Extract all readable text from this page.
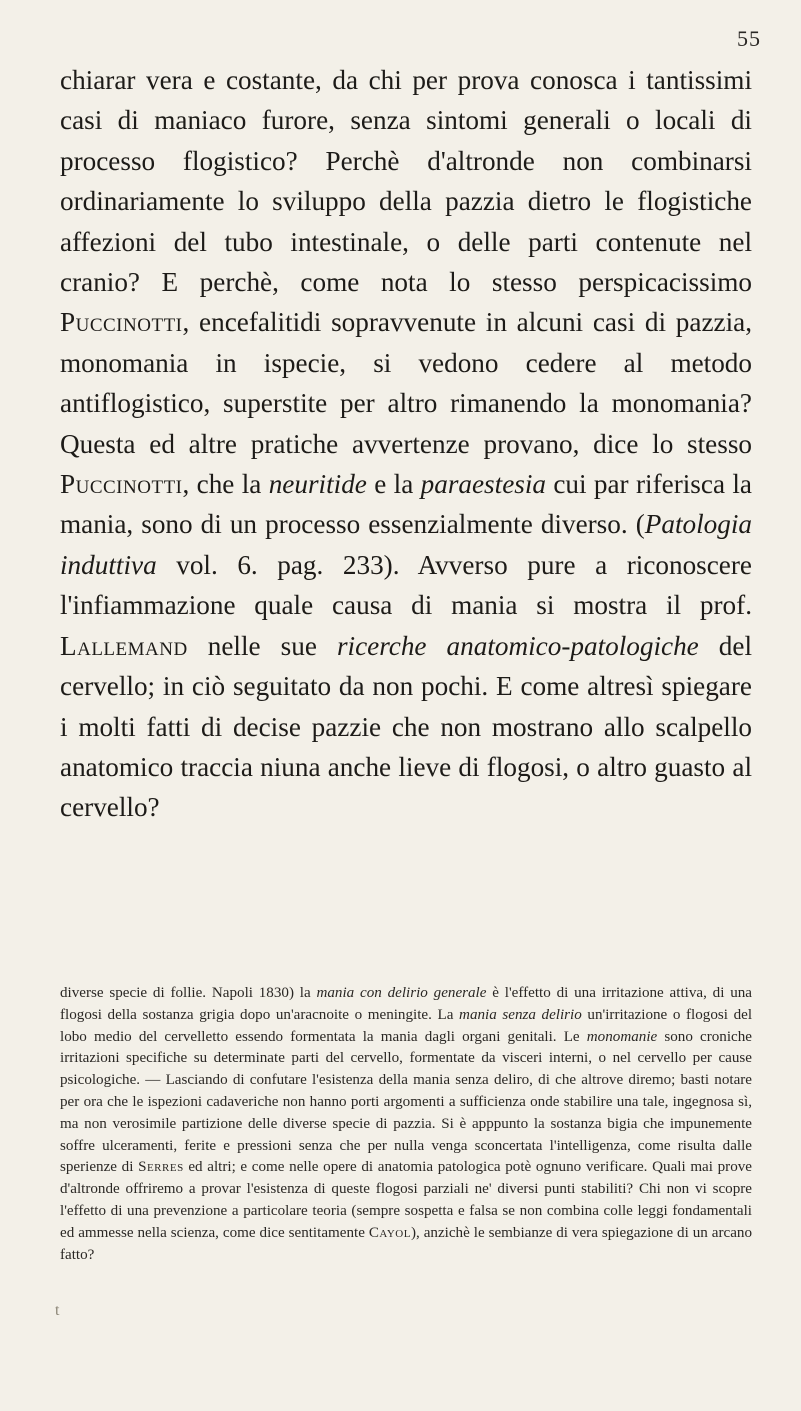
55

chiarar vera e costante, da chi per prova conosca i tantissimi casi di maniaco furore, senza sintomi generali o locali di processo flogistico? Perchè d'altronde non combinarsi ordinariamente lo sviluppo della pazzia dietro le flogistiche affezioni del tubo intestinale, o delle parti contenute nel cranio? E perchè, come nota lo stesso perspicacissimo Puccinotti, encefalitidi sopravvenute in alcuni casi di pazzia, monomania in ispecie, si vedono cedere al metodo antiflogistico, superstite per altro rimanendo la monomania? Questa ed altre pratiche avvertenze provano, dice lo stesso Puccinotti, che la neuritide e la paraestesia cui par riferisca la mania, sono di un processo essenzialmente diverso. (Patologia induttiva vol. 6. pag. 233). Avverso pure a riconoscere l'infiammazione quale causa di mania si mostra il prof. Lallemand nelle sue ricerche anatomico-patologiche del cervello; in ciò seguitato da non pochi. E come altresì spiegare i molti fatti di decise pazzie che non mostrano allo scalpello anatomico traccia niuna anche lieve di flogosi, o altro guasto al cervello?

diverse specie di follie. Napoli 1830) la mania con delirio generale è l'effetto di una irritazione attiva, di una flogosi della sostanza grigia dopo un'aracnoite o meningite. La mania senza delirio un'irritazione o flogosi del lobo medio del cervelletto essendo formentata la mania dagli organi genitali. Le monomanie sono croniche irritazioni specifiche su determinate parti del cervello, formentate da visceri interni, o nel cervello per cause psicologiche. — Lasciando di confutare l'esistenza della mania senza deliro, di che altrove diremo; basti notare per ora che le ispezioni cadaveriche non hanno porti argomenti a sufficienza onde stabilire una tale, ingegnosa sì, ma non verosimile partizione delle diverse specie di pazzia. Si è apppunto la sostanza bigia che impunemente soffre ulceramenti, ferite e pressioni senza che per nulla venga sconcertata l'intelligenza, come risulta dalle sperienze di Serres ed altri; e come nelle opere di anatomia patologica potè ognuno verificare. Quali mai prove d'altronde offriremo a provar l'esistenza di queste flogosi parziali ne' diversi punti stabiliti? Chi non vi scopre l'effetto di una prevenzione a particolare teoria (sempre sospetta e falsa se non combina colle leggi fondamentali ed ammesse nella scienza, come dice sentitamente Cayol), anzichè le sembianze di vera spiegazione di un arcano fatto?

t
